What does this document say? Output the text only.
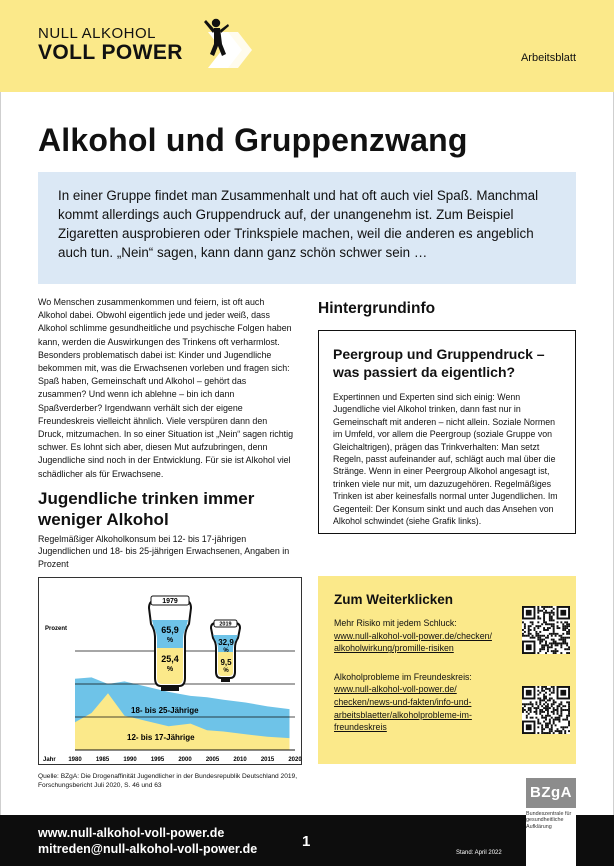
NULL ALKOHOL
VOLL POWER	Arbeitsblatt
Alkohol und Gruppenzwang
In einer Gruppe findet man Zusammenhalt und hat oft auch viel Spaß. Manchmal kommt allerdings auch Gruppendruck auf, der unangenehm ist. Zum Beispiel Zigaretten ausprobieren oder Trinkspiele machen, weil die anderen es angeblich auch tun. „Nein“ sagen, kann dann ganz schön schwer sein …
Wo Menschen zusammenkommen und feiern, ist oft auch Alkohol dabei. Obwohl eigentlich jede und jeder weiß, dass Alkohol schlimme gesundheitliche und psychische Folgen haben kann, werden die Auswirkungen des Trinkens oft verharmlost. Besonders problematisch dabei ist: Kinder und Jugendliche bekommen mit, was die Erwachsenen vorleben und fragen sich: Spaß haben, Gemeinschaft und Alkohol – gehört das zusammen? Und wenn ich ablehne – bin ich dann Spaßverderber? Irgendwann verhält sich der eigene Freundeskreis vielleicht ähnlich. Viele verspüren dann den Druck, mitzumachen. In so einer Situation ist „Nein“ sagen richtig schwer. Es lohnt sich aber, diesen Mut aufzubringen, denn Jugendliche sind noch in der Entwicklung. Für sie ist Alkohol viel schädlicher als für Erwachsene.
Jugendliche trinken immer weniger Alkohol
Regelmäßiger Alkoholkonsum bei 12- bis 17-jährigen Jugendlichen und 18- bis 25-jährigen Erwachsenen, Angaben in Prozent
Prozent
Jahr 1980 1985 1990 1995 2000 2005 2010 2015 2020
18- bis 25-Jährige
12- bis 17-Jährige
1979
65,9
%
25,4
%
2019
32,9
%
9,5
%
Quelle: BZgA: Die Drogenaffinität Jugendlicher in der Bundesrepublik Deutschland 2019, Forschungsbericht Juli 2020, S. 46 und 63
Hintergrundinfo
Peergroup und Gruppendruck – was passiert da eigentlich?
Expertinnen und Experten sind sich einig: Wenn Jugendliche viel Alkohol trinken, dann fast nur in Gemeinschaft mit anderen – nicht allein. Soziale Normen im Umfeld, vor allem die Peergroup (soziale Gruppe von Gleichaltrigen), prägen das Trinkverhalten: Man setzt Regeln, passt aufeinander auf, schlägt auch mal über die Stränge. Wenn in einer Peergroup Alkohol angesagt ist, trinken viele nur mit, um dazuzugehören. Regelmäßiges Trinken ist aber keinesfalls normal unter Jugendlichen. Im Gegenteil: Der Konsum sinkt und auch das Ansehen von Alkohol schwindet (siehe Grafik links).
Zum Weiterklicken
Mehr Risiko mit jedem Schluck:
www.null-alkohol-voll-power.de/checken/
alkoholwirkung/promille-risiken
Alkoholprobleme im Freundeskreis:
www.null-alkohol-voll-power.de/
checken/news-und-fakten/info-und-
arbeitsblaetter/alkoholprobleme-im-
freundeskreis
www.null-alkohol-voll-power.de
mitreden@null-alkohol-voll-power.de	1
Stand: April 2022
BZgA
Bundeszentrale für gesundheitliche Aufklärung
